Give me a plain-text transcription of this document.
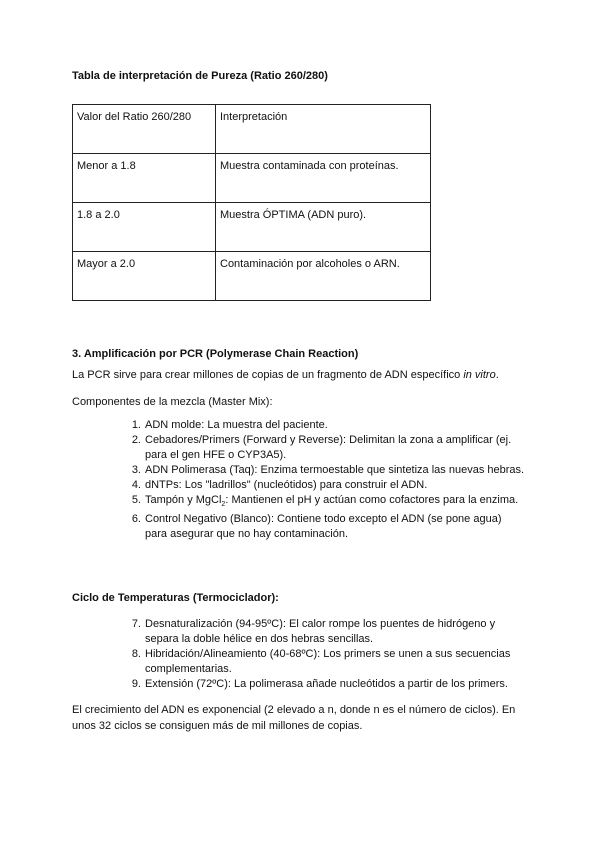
Tabla de interpretación de Pureza (Ratio 260/280)
Valor del Ratio 260/280	Interpretación
Menor a 1.8	Muestra contaminada con proteínas.
1.8 a 2.0	Muestra ÓPTIMA (ADN puro).
Mayor a 2.0	Contaminación por alcoholes o ARN.
3. Amplificación por PCR (Polymerase Chain Reaction)
La PCR sirve para crear millones de copias de un fragmento de ADN específico in vitro.
Componentes de la mezcla (Master Mix):
1. ADN molde: La muestra del paciente.
2. Cebadores/Primers (Forward y Reverse): Delimitan la zona a amplificar (ej. para el gen HFE o CYP3A5).
3. ADN Polimerasa (Taq): Enzima termoestable que sintetiza las nuevas hebras.
4. dNTPs: Los "ladrillos" (nucleótidos) para construir el ADN.
5. Tampón y MgCl$_2$: Mantienen el pH y actúan como cofactores para la enzima.
6. Control Negativo (Blanco): Contiene todo excepto el ADN (se pone agua) para asegurar que no hay contaminación.
Ciclo de Temperaturas (Termociclador):
7. Desnaturalización (94-95ºC): El calor rompe los puentes de hidrógeno y separa la doble hélice en dos hebras sencillas.
8. Hibridación/Alineamiento (40-68ºC): Los primers se unen a sus secuencias complementarias.
9. Extensión (72ºC): La polimerasa añade nucleótidos a partir de los primers.
El crecimiento del ADN es exponencial (2 elevado a n, donde n es el número de ciclos). En unos 32 ciclos se consiguen más de mil millones de copias.
